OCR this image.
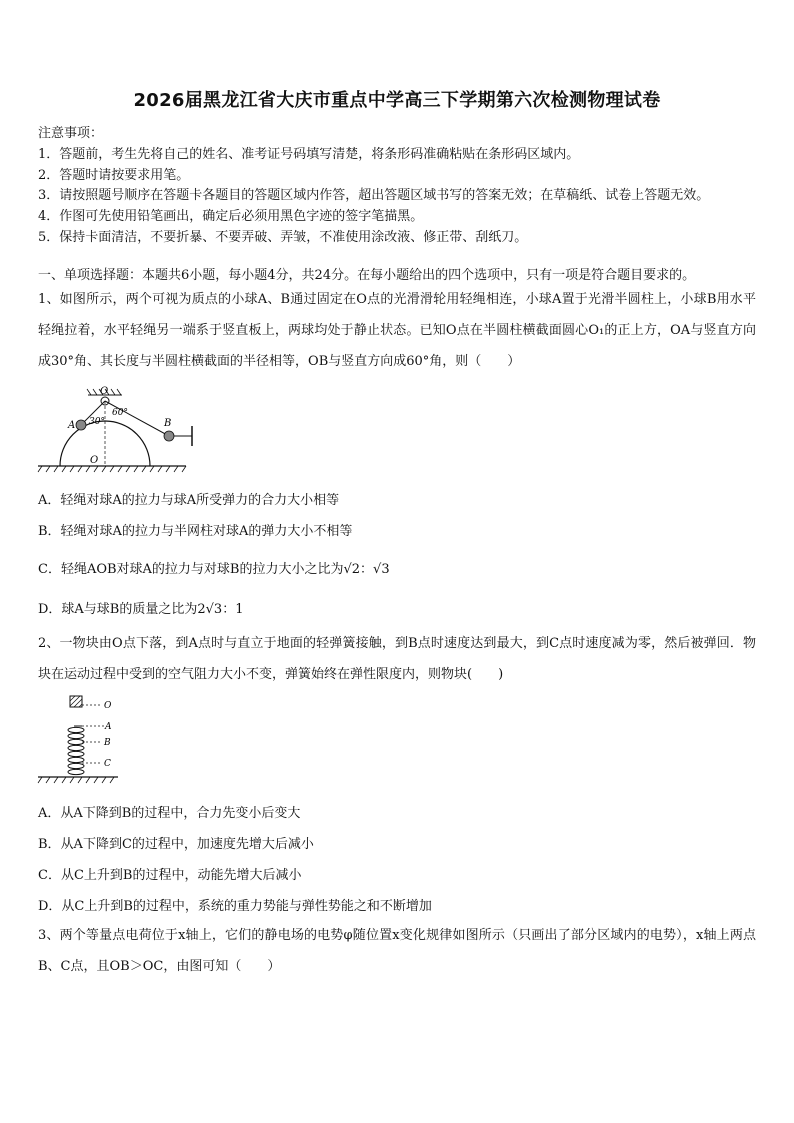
2026届黑龙江省大庆市重点中学高三下学期第六次检测物理试卷
注意事项：
1．答题前，考生先将自己的姓名、准考证号码填写清楚，将条形码准确粘贴在条形码区域内。
2．答题时请按要求用笔。
3．请按照题号顺序在答题卡各题目的答题区域内作答，超出答题区域书写的答案无效；在草稿纸、试卷上答题无效。
4．作图可先使用铅笔画出，确定后必须用黑色字迹的签字笔描黑。
5．保持卡面清洁，不要折暴、不要弄破、弄皱，不准使用涂改液、修正带、刮纸刀。
一、单项选择题：本题共6小题，每小题4分，共24分。在每小题给出的四个选项中，只有一项是符合题目要求的。
1、如图所示，两个可视为质点的小球A、B通过固定在O点的光滑滑轮用轻绳相连，小球A置于光滑半圆柱上，小球B用水平轻绳拉着，水平轻绳另一端系于竖直板上，两球均处于静止状态。已知O点在半圆柱横截面圆心O₁的正上方，OA与竖直方向成30°角、其长度与半圆柱横截面的半径相等，OB与竖直方向成60°角，则（　　）
O
60°
30°
A	B
O
A．轻绳对球A的拉力与球A所受弹力的合力大小相等
B．轻绳对球A的拉力与半网柱对球A的弹力大小不相等
C．轻绳AOB对球A的拉力与对球B的拉力大小之比为√2：√3
D．球A与球B的质量之比为2√3：1
2、一物块由O点下落，到A点时与直立于地面的轻弹簧接触，到B点时速度达到最大，到C点时速度减为零，然后被弹回．物块在运动过程中受到的空气阻力大小不变，弹簧始终在弹性限度内，则物块(　　)
O
A
B
C
A．从A下降到B的过程中，合力先变小后变大
B．从A下降到C的过程中，加速度先增大后减小
C．从C上升到B的过程中，动能先增大后减小
D．从C上升到B的过程中，系统的重力势能与弹性势能之和不断增加
3、两个等量点电荷位于x轴上，它们的静电场的电势φ随位置x变化规律如图所示（只画出了部分区域内的电势），x轴上两点B、C点，且OB＞OC，由图可知（　　）
